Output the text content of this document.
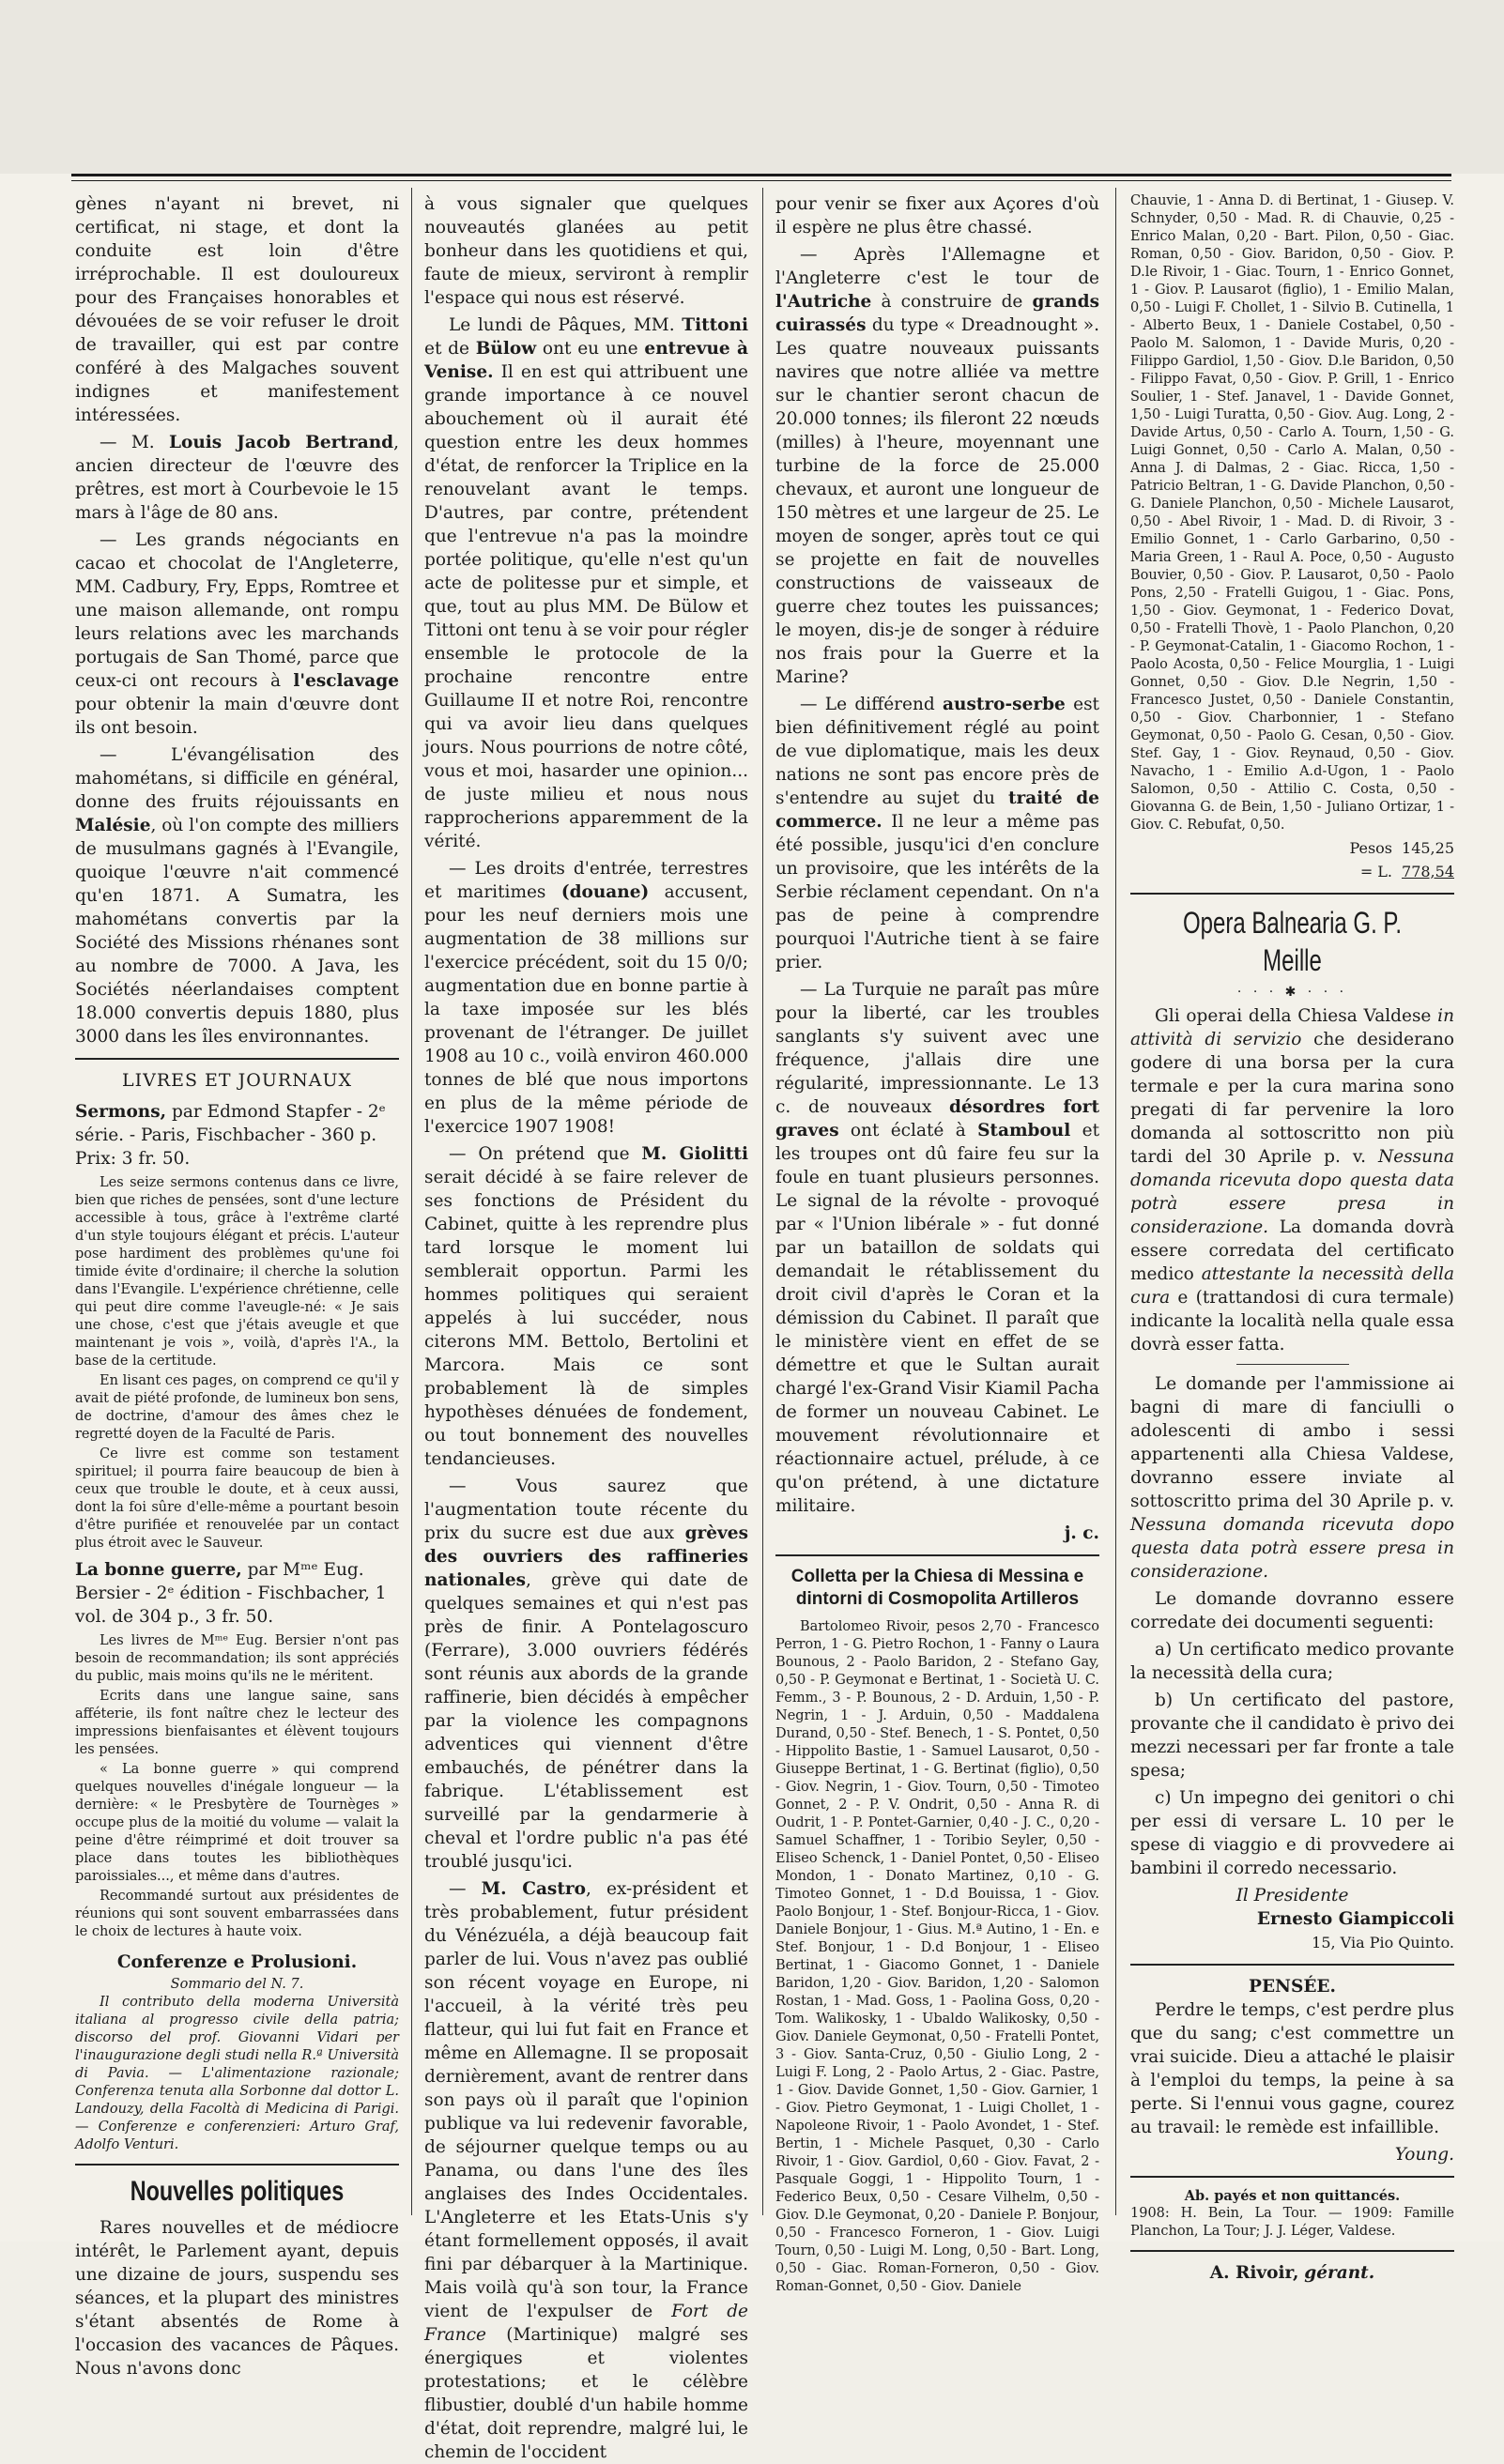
gènes n'ayant ni brevet, ni certificat, ni stage, et dont la conduite est loin d'être irréprochable. Il est douloureux pour des Françaises honorables et dévouées de se voir refuser le droit de travailler, qui est par contre conféré à des Malgaches souvent indignes et manifestement intéressées.

— M. Louis Jacob Bertrand, ancien directeur de l'œuvre des prêtres, est mort à Courbevoie le 15 mars à l'âge de 80 ans.

— Les grands négociants en cacao et chocolat de l'Angleterre, MM. Cadbury, Fry, Epps, Romtree et une maison allemande, ont rompu leurs relations avec les marchands portugais de San Thomé, parce que ceux-ci ont recours à l'esclavage pour obtenir la main d'œuvre dont ils ont besoin.

— L'évangélisation des mahométans, si difficile en général, donne des fruits réjouissants en Malésie, où l'on compte des milliers de musulmans gagnés à l'Evangile, quoique l'œuvre n'ait commencé qu'en 1871. A Sumatra, les mahométans convertis par la Société des Missions rhénanes sont au nombre de 7000. A Java, les Sociétés néerlandaises comptent 18.000 convertis depuis 1880, plus 3000 dans les îles environnantes.

LIVRES ET JOURNAUX
Sermons, par Edmond Stapfer - 2ᵉ série. - Paris, Fischbacher - 360 p. Prix: 3 fr. 50.

Les seize sermons contenus dans ce livre, bien que riches de pensées, sont d'une lecture accessible à tous, grâce à l'extrême clarté d'un style toujours élégant et précis. L'auteur pose hardiment des problèmes qu'une foi timide évite d'ordinaire; il cherche la solution dans l'Evangile. L'expérience chrétienne, celle qui peut dire comme l'aveugle-né: « Je sais une chose, c'est que j'étais aveugle et que maintenant je vois », voilà, d'après l'A., la base de la certitude.

En lisant ces pages, on comprend ce qu'il y avait de piété profonde, de lumineux bon sens, de doctrine, d'amour des âmes chez le regretté doyen de la Faculté de Paris.

Ce livre est comme son testament spirituel; il pourra faire beaucoup de bien à ceux que trouble le doute, et à ceux aussi, dont la foi sûre d'elle-même a pourtant besoin d'être purifiée et renouvelée par un contact plus étroit avec le Sauveur.

La bonne guerre, par Mᵐᵉ Eug. Bersier - 2ᵉ édition - Fischbacher, 1 vol. de 304 p., 3 fr. 50.

Les livres de Mᵐᵉ Eug. Bersier n'ont pas besoin de recommandation; ils sont appréciés du public, mais moins qu'ils ne le méritent.

Ecrits dans une langue saine, sans afféterie, ils font naître chez le lecteur des impressions bienfaisantes et élèvent toujours les pensées.

« La bonne guerre » qui comprend quelques nouvelles d'inégale longueur — la dernière: « le Presbytère de Tournèges » occupe plus de la moitié du volume — valait la peine d'être réimprimé et doit trouver sa place dans toutes les bibliothèques paroissiales..., et même dans d'autres.

Recommandé surtout aux présidentes de réunions qui sont souvent embarrassées dans le choix de lectures à haute voix.

Conferenze e Prolusioni.
Sommario del N. 7.

Il contributo della moderna Università italiana al progresso civile della patria; discorso del prof. Giovanni Vidari per l'inaugurazione degli studi nella R.ª Università di Pavia. — L'alimentazione razionale; Conferenza tenuta alla Sorbonne dal dottor L. Landouzy, della Facoltà di Medicina di Parigi. — Conferenze e conferenzieri: Arturo Graf, Adolfo Venturi.

Nouvelles politiques

Rares nouvelles et de médiocre intérêt, le Parlement ayant, depuis une dizaine de jours, suspendu ses séances, et la plupart des ministres s'étant absentés de Rome à l'occasion des vacances de Pâques. Nous n'avons donc

à vous signaler que quelques nouveautés glanées au petit bonheur dans les quotidiens et qui, faute de mieux, serviront à remplir l'espace qui nous est réservé.

Le lundi de Pâques, MM. Tittoni et de Bülow ont eu une entrevue à Venise. Il en est qui attribuent une grande importance à ce nouvel abouchement où il aurait été question entre les deux hommes d'état, de renforcer la Triplice en la renouvelant avant le temps. D'autres, par contre, prétendent que l'entrevue n'a pas la moindre portée politique, qu'elle n'est qu'un acte de politesse pur et simple, et que, tout au plus MM. De Bülow et Tittoni ont tenu à se voir pour régler ensemble le protocole de la prochaine rencontre entre Guillaume II et notre Roi, rencontre qui va avoir lieu dans quelques jours. Nous pourrions de notre côté, vous et moi, hasarder une opinion... de juste milieu et nous nous rapprocherions apparemment de la vérité.

— Les droits d'entrée, terrestres et maritimes (douane) accusent, pour les neuf derniers mois une augmentation de 38 millions sur l'exercice précédent, soit du 15 0/0; augmentation due en bonne partie à la taxe imposée sur les blés provenant de l'étranger. De juillet 1908 au 10 c., voilà environ 460.000 tonnes de blé que nous importons en plus de la même période de l'exercice 1907 1908!

— On prétend que M. Giolitti serait décidé à se faire relever de ses fonctions de Président du Cabinet, quitte à les reprendre plus tard lorsque le moment lui semblerait opportun. Parmi les hommes politiques qui seraient appelés à lui succéder, nous citerons MM. Bettolo, Bertolini et Marcora. Mais ce sont probablement là de simples hypothèses dénuées de fondement, ou tout bonnement des nouvelles tendancieuses.

— Vous saurez que l'augmentation toute récente du prix du sucre est due aux grèves des ouvriers des raffineries nationales, grève qui date de quelques semaines et qui n'est pas près de finir. A Pontelagoscuro (Ferrare), 3.000 ouvriers fédérés sont réunis aux abords de la grande raffinerie, bien décidés à empêcher par la violence les compagnons adventices qui viennent d'être embauchés, de pénétrer dans la fabrique. L'établissement est surveillé par la gendarmerie à cheval et l'ordre public n'a pas été troublé jusqu'ici.

— M. Castro, ex-président et très probablement, futur président du Vénézuéla, a déjà beaucoup fait parler de lui. Vous n'avez pas oublié son récent voyage en Europe, ni l'accueil, à la vérité très peu flatteur, qui lui fut fait en France et même en Allemagne. Il se proposait dernièrement, avant de rentrer dans son pays où il paraît que l'opinion publique va lui redevenir favorable, de séjourner quelque temps ou au Panama, ou dans l'une des îles anglaises des Indes Occidentales. L'Angleterre et les Etats-Unis s'y étant formellement opposés, il avait fini par débarquer à la Martinique. Mais voilà qu'à son tour, la France vient de l'expulser de Fort de France (Martinique) malgré ses énergiques et violentes protestations; et le célèbre flibustier, doublé d'un habile homme d'état, doit reprendre, malgré lui, le chemin de l'occident

pour venir se fixer aux Açores d'où il espère ne plus être chassé.

— Après l'Allemagne et l'Angleterre c'est le tour de l'Autriche à construire de grands cuirassés du type « Dreadnought ». Les quatre nouveaux puissants navires que notre alliée va mettre sur le chantier seront chacun de 20.000 tonnes; ils fileront 22 nœuds (milles) à l'heure, moyennant une turbine de la force de 25.000 chevaux, et auront une longueur de 150 mètres et une largeur de 25. Le moyen de songer, après tout ce qui se projette en fait de nouvelles constructions de vaisseaux de guerre chez toutes les puissances; le moyen, dis-je de songer à réduire nos frais pour la Guerre et la Marine?

— Le différend austro-serbe est bien définitivement réglé au point de vue diplomatique, mais les deux nations ne sont pas encore près de s'entendre au sujet du traité de commerce. Il ne leur a même pas été possible, jusqu'ici d'en conclure un provisoire, que les intérêts de la Serbie réclament cependant. On n'a pas de peine à comprendre pourquoi l'Autriche tient à se faire prier.

— La Turquie ne paraît pas mûre pour la liberté, car les troubles sanglants s'y suivent avec une fréquence, j'allais dire une régularité, impressionnante. Le 13 c. de nouveaux désordres fort graves ont éclaté à Stamboul et les troupes ont dû faire feu sur la foule en tuant plusieurs personnes. Le signal de la révolte - provoqué par « l'Union libérale » - fut donné par un bataillon de soldats qui demandait le rétablissement du droit civil d'après le Coran et la démission du Cabinet. Il paraît que le ministère vient en effet de se démettre et que le Sultan aurait chargé l'ex-Grand Visir Kiamil Pacha de former un nouveau Cabinet. Le mouvement révolutionnaire et réactionnaire actuel, prélude, à ce qu'on prétend, à une dictature militaire.

j. c.
Colletta per la Chiesa di Messina e dintorni di Cosmopolita Artilleros

Bartolomeo Rivoir, pesos 2,70 - Francesco Perron, 1 - G. Pietro Rochon, 1 - Fanny o Laura Bounous, 2 - Paolo Baridon, 2 - Stefano Gay, 0,50 - P. Geymonat e Bertinat, 1 - Società U. C. Femm., 3 - P. Bounous, 2 - D. Arduin, 1,50 - P. Negrin, 1 - J. Arduin, 0,50 - Maddalena Durand, 0,50 - Stef. Benech, 1 - S. Pontet, 0,50 - Hippolito Bastie, 1 - Samuel Lausarot, 0,50 - Giuseppe Bertinat, 1 - G. Bertinat (figlio), 0,50 - Giov. Negrin, 1 - Giov. Tourn, 0,50 - Timoteo Gonnet, 2 - P. V. Ondrit, 0,50 - Anna R. di Oudrit, 1 - P. Pontet-Garnier, 0,40 - J. C., 0,20 - Samuel Schaffner, 1 - Toribio Seyler, 0,50 - Eliseo Schenck, 1 - Daniel Pontet, 0,50 - Eliseo Mondon, 1 - Donato Martinez, 0,10 - G. Timoteo Gonnet, 1 - D.d Bouissa, 1 - Giov. Paolo Bonjour, 1 - Stef. Bonjour-Ricca, 1 - Giov. Daniele Bonjour, 1 - Gius. M.ª Autino, 1 - En. e Stef. Bonjour, 1 - D.d Bonjour, 1 - Eliseo Bertinat, 1 - Giacomo Gonnet, 1 - Daniele Baridon, 1,20 - Giov. Baridon, 1,20 - Salomon Rostan, 1 - Mad. Goss, 1 - Paolina Goss, 0,20 - Tom. Walikosky, 1 - Ubaldo Walikosky, 0,50 - Giov. Daniele Geymonat, 0,50 - Fratelli Pontet, 3 - Giov. Santa-Cruz, 0,50 - Giulio Long, 2 - Luigi F. Long, 2 - Paolo Artus, 2 - Giac. Pastre, 1 - Giov. Davide Gonnet, 1,50 - Giov. Garnier, 1 - Giov. Pietro Geymonat, 1 - Luigi Chollet, 1 - Napoleone Rivoir, 1 - Paolo Avondet, 1 - Stef. Bertin, 1 - Michele Pasquet, 0,30 - Carlo Rivoir, 1 - Giov. Gardiol, 0,60 - Giov. Favat, 2 - Pasquale Goggi, 1 - Hippolito Tourn, 1 - Federico Beux, 0,50 - Cesare Vilhelm, 0,50 - Giov. D.le Geymonat, 0,20 - Daniele P. Bonjour, 0,50 - Francesco Forneron, 1 - Giov. Luigi Tourn, 0,50 - Luigi M. Long, 0,50 - Bart. Long, 0,50 - Giac. Roman-Forneron, 0,50 - Giov. Roman-Gonnet, 0,50 - Giov. Daniele

Chauvie, 1 - Anna D. di Bertinat, 1 - Giusep. V. Schnyder, 0,50 - Mad. R. di Chauvie, 0,25 - Enrico Malan, 0,20 - Bart. Pilon, 0,50 - Giac. Roman, 0,50 - Giov. Baridon, 0,50 - Giov. P. D.le Rivoir, 1 - Giac. Tourn, 1 - Enrico Gonnet, 1 - Giov. P. Lausarot (figlio), 1 - Emilio Malan, 0,50 - Luigi F. Chollet, 1 - Silvio B. Cutinella, 1 - Alberto Beux, 1 - Daniele Costabel, 0,50 - Paolo M. Salomon, 1 - Davide Muris, 0,20 - Filippo Gardiol, 1,50 - Giov. D.le Baridon, 0,50 - Filippo Favat, 0,50 - Giov. P. Grill, 1 - Enrico Soulier, 1 - Stef. Janavel, 1 - Davide Gonnet, 1,50 - Luigi Turatta, 0,50 - Giov. Aug. Long, 2 - Davide Artus, 0,50 - Carlo A. Tourn, 1,50 - G. Luigi Gonnet, 0,50 - Carlo A. Malan, 0,50 - Anna J. di Dalmas, 2 - Giac. Ricca, 1,50 - Patricio Beltran, 1 - G. Davide Planchon, 0,50 - G. Daniele Planchon, 0,50 - Michele Lausarot, 0,50 - Abel Rivoir, 1 - Mad. D. di Rivoir, 3 - Emilio Gonnet, 1 - Carlo Garbarino, 0,50 - Maria Green, 1 - Raul A. Poce, 0,50 - Augusto Bouvier, 0,50 - Giov. P. Lausarot, 0,50 - Paolo Pons, 2,50 - Fratelli Guigou, 1 - Giac. Pons, 1,50 - Giov. Geymonat, 1 - Federico Dovat, 0,50 - Fratelli Thovè, 1 - Paolo Planchon, 0,20 - P. Geymonat-Catalin, 1 - Giacomo Rochon, 1 - Paolo Acosta, 0,50 - Felice Mourglia, 1 - Luigi Gonnet, 0,50 - Giov. D.le Negrin, 1,50 - Francesco Justet, 0,50 - Daniele Constantin, 0,50 - Giov. Charbonnier, 1 - Stefano Geymonat, 0,50 - Paolo G. Cesan, 0,50 - Giov. Stef. Gay, 1 - Giov. Reynaud, 0,50 - Giov. Navacho, 1 - Emilio A.d-Ugon, 1 - Paolo Salomon, 0,50 - Attilio C. Costa, 0,50 - Giovanna G. de Bein, 1,50 - Juliano Ortizar, 1 - Giov. C. Rebufat, 0,50.

Pesos 145,25
= L. 778,54
Opera Balnearia G. P. Meille
· · · ✱ · · ·

Gli operai della Chiesa Valdese in attività di servizio che desiderano godere di una borsa per la cura termale e per la cura marina sono pregati di far pervenire la loro domanda al sottoscritto non più tardi del 30 Aprile p. v. Nessuna domanda ricevuta dopo questa data potrà essere presa in considerazione. La domanda dovrà essere corredata del certificato medico attestante la necessità della cura e (trattandosi di cura termale) indicante la località nella quale essa dovrà esser fatta.

Le domande per l'ammissione ai bagni di mare di fanciulli o adolescenti di ambo i sessi appartenenti alla Chiesa Valdese, dovranno essere inviate al sottoscritto prima del 30 Aprile p. v. Nessuna domanda ricevuta dopo questa data potrà essere presa in considerazione.

Le domande dovranno essere corredate dei documenti seguenti:

a) Un certificato medico provante la necessità della cura;

b) Un certificato del pastore, provante che il candidato è privo dei mezzi necessari per far fronte a tale spesa;

c) Un impegno dei genitori o chi per essi di versare L. 10 per le spese di viaggio e di provvedere ai bambini il corredo necessario.

Il Presidente
Ernesto Giampiccoli
15, Via Pio Quinto.
PENSÉE.

Perdre le temps, c'est perdre plus que du sang; c'est commettre un vrai suicide. Dieu a attaché le plaisir à l'emploi du temps, la peine à sa perte. Si l'ennui vous gagne, courez au travail: le remède est infaillible.

Young.
Ab. payés et non quittancés.

1908: H. Bein, La Tour. — 1909: Famille Planchon, La Tour; J. J. Léger, Valdese.

A. Rivoir, gérant.
